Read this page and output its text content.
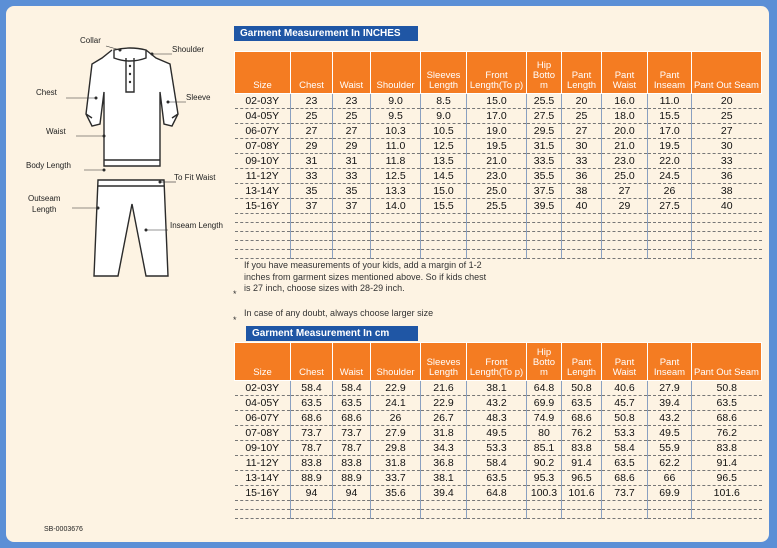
Collar
Shoulder
Chest
Sleeve
Waist
Body Length
To Fit Waist
Outseam
Length
Inseam Length
Garment Measurement In INCHES
Size	Chest	Waist	Shoulder	Sleeves Length	Front Length(To p)	Hip Botto m	Pant Length	Pant Waist	Pant Inseam	Pant Out Seam
02-03Y	23	23	9.0	8.5	15.0	25.5	20	16.0	11.0	20
04-05Y	25	25	9.5	9.0	17.0	27.5	25	18.0	15.5	25
06-07Y	27	27	10.3	10.5	19.0	29.5	27	20.0	17.0	27
07-08Y	29	29	11.0	12.5	19.5	31.5	30	21.0	19.5	30
09-10Y	31	31	11.8	13.5	21.0	33.5	33	23.0	22.0	33
11-12Y	33	33	12.5	14.5	23.0	35.5	36	25.0	24.5	36
13-14Y	35	35	13.3	15.0	25.0	37.5	38	27	26	38
15-16Y	37	37	14.0	15.5	25.5	39.5	40	29	27.5	40

If you have measurements of your kids, add a margin of 1-2
inches from garment sizes mentioned above. So if kids chest
is 27 inch, choose sizes with 28-29 inch.
*
In case of any doubt, always choose larger size
*
Garment Measurement In cm
Size	Chest	Waist	Shoulder	Sleeves Length	Front Length(To p)	Hip Botto m	Pant Length	Pant Waist	Pant Inseam	Pant Out Seam
02-03Y	58.4	58.4	22.9	21.6	38.1	64.8	50.8	40.6	27.9	50.8
04-05Y	63.5	63.5	24.1	22.9	43.2	69.9	63.5	45.7	39.4	63.5
06-07Y	68.6	68.6	26	26.7	48.3	74.9	68.6	50.8	43.2	68.6
07-08Y	73.7	73.7	27.9	31.8	49.5	80	76.2	53.3	49.5	76.2
09-10Y	78.7	78.7	29.8	34.3	53.3	85.1	83.8	58.4	55.9	83.8
11-12Y	83.8	83.8	31.8	36.8	58.4	90.2	91.4	63.5	62.2	91.4
13-14Y	88.9	88.9	33.7	38.1	63.5	95.3	96.5	68.6	66	96.5
15-16Y	94	94	35.6	39.4	64.8	100.3	101.6	73.7	69.9	101.6

SB-0003676
